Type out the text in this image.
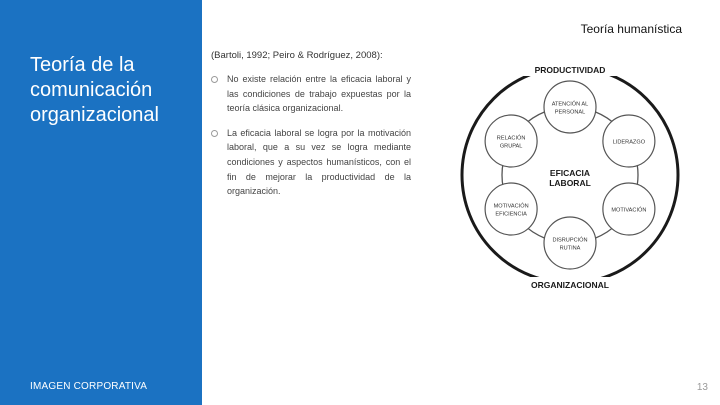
Teoría de la comunicación organizacional
IMAGEN CORPORATIVA
Teoría humanística
(Bartoli, 1992; Peiro & Rodríguez, 2008):
No existe relación entre la eficacia laboral y las condiciones de trabajo expuestas por la teoría clásica organizacional.
La eficacia laboral se logra por la motivación laboral, que a su vez se logra mediante condiciones y aspectos humanísticos, con el fin de mejorar la productividad de la organización.
PRODUCTIVIDAD
ORGANIZACIONAL
EFICACIA
LABORAL
ATENCIÓN AL
PERSONAL
LIDERAZGO
MOTIVACIÓN
DISRUPCIÓN
RUTINA
MOTIVACIÓN
EFICIENCIA
RELACIÓN
GRUPAL
13
